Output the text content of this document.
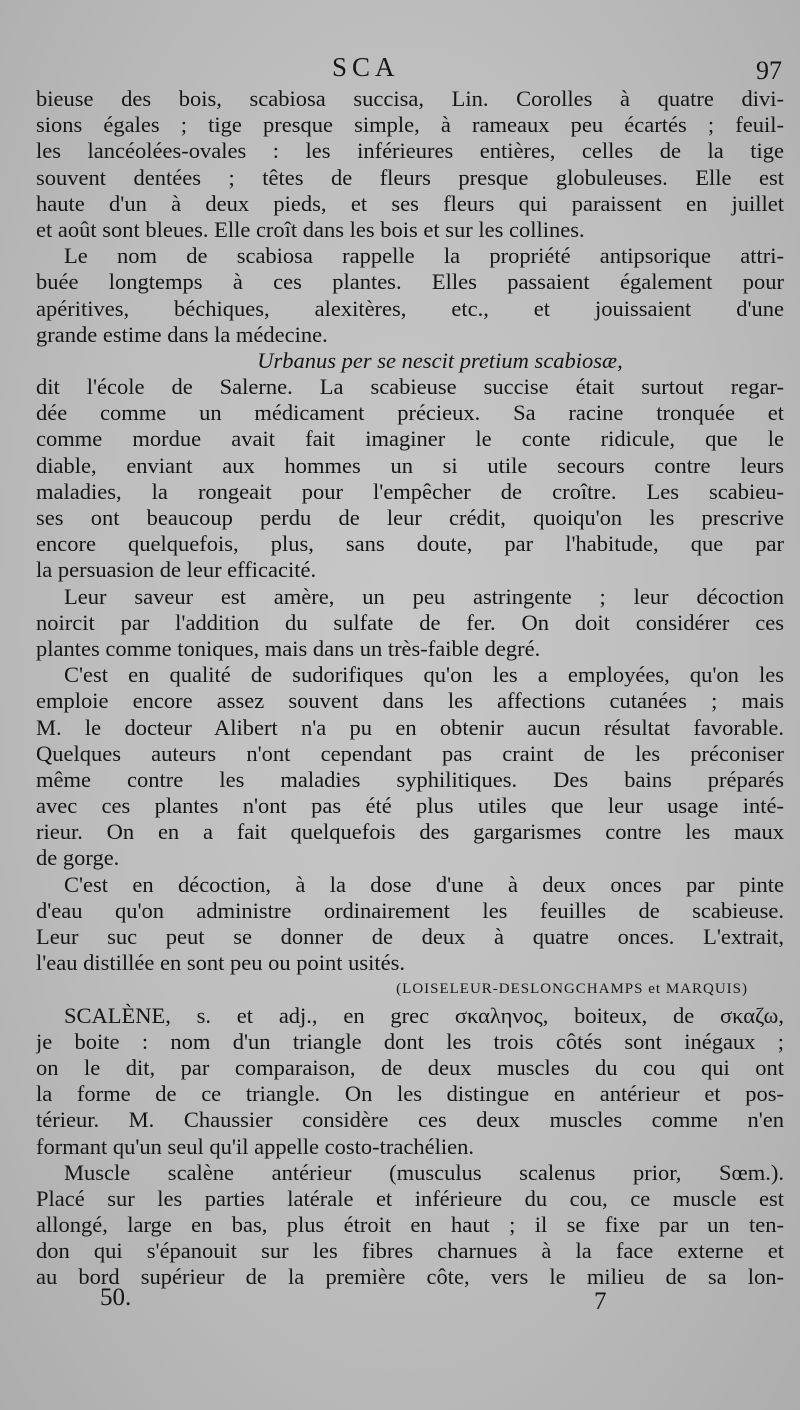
SCA	97
bieuse des bois, scabiosa succisa, Lin. Corolles à quatre divi-
sions égales ; tige presque simple, à rameaux peu écartés ; feuil-
les lancéolées-ovales : les inférieures entières, celles de la tige
souvent dentées ; têtes de fleurs presque globuleuses. Elle est
haute d'un à deux pieds, et ses fleurs qui paraissent en juillet
et août sont bleues. Elle croît dans les bois et sur les collines.
Le nom de scabiosa rappelle la propriété antipsorique attri-
buée longtemps à ces plantes. Elles passaient également pour
apéritives, béchiques, alexitères, etc., et jouissaient d'une
grande estime dans la médecine.
Urbanus per se nescit pretium scabiosæ,
dit l'école de Salerne. La scabieuse succise était surtout regar-
dée comme un médicament précieux. Sa racine tronquée et
comme mordue avait fait imaginer le conte ridicule, que le
diable, enviant aux hommes un si utile secours contre leurs
maladies, la rongeait pour l'empêcher de croître. Les scabieu-
ses ont beaucoup perdu de leur crédit, quoiqu'on les prescrive
encore quelquefois, plus, sans doute, par l'habitude, que par
la persuasion de leur efficacité.
Leur saveur est amère, un peu astringente ; leur décoction
noircit par l'addition du sulfate de fer. On doit considérer ces
plantes comme toniques, mais dans un très-faible degré.
C'est en qualité de sudorifiques qu'on les a employées, qu'on les
emploie encore assez souvent dans les affections cutanées ; mais
M. le docteur Alibert n'a pu en obtenir aucun résultat favorable.
Quelques auteurs n'ont cependant pas craint de les préconiser
même contre les maladies syphilitiques. Des bains préparés
avec ces plantes n'ont pas été plus utiles que leur usage inté-
rieur. On en a fait quelquefois des gargarismes contre les maux
de gorge.
C'est en décoction, à la dose d'une à deux onces par pinte
d'eau qu'on administre ordinairement les feuilles de scabieuse.
Leur suc peut se donner de deux à quatre onces. L'extrait,
l'eau distillée en sont peu ou point usités.
(LOISELEUR-DESLONGCHAMPS et MARQUIS)
SCALÈNE, s. et adj., en grec σκαληνος, boiteux, de σκαζω,
je boite : nom d'un triangle dont les trois côtés sont inégaux ;
on le dit, par comparaison, de deux muscles du cou qui ont
la forme de ce triangle. On les distingue en antérieur et pos-
térieur. M. Chaussier considère ces deux muscles comme n'en
formant qu'un seul qu'il appelle costo-trachélien.
Muscle scalène antérieur (musculus scalenus prior, Sœm.).
Placé sur les parties latérale et inférieure du cou, ce muscle est
allongé, large en bas, plus étroit en haut ; il se fixe par un ten-
don qui s'épanouit sur les fibres charnues à la face externe et
au bord supérieur de la première côte, vers le milieu de sa lon-
50.	7
